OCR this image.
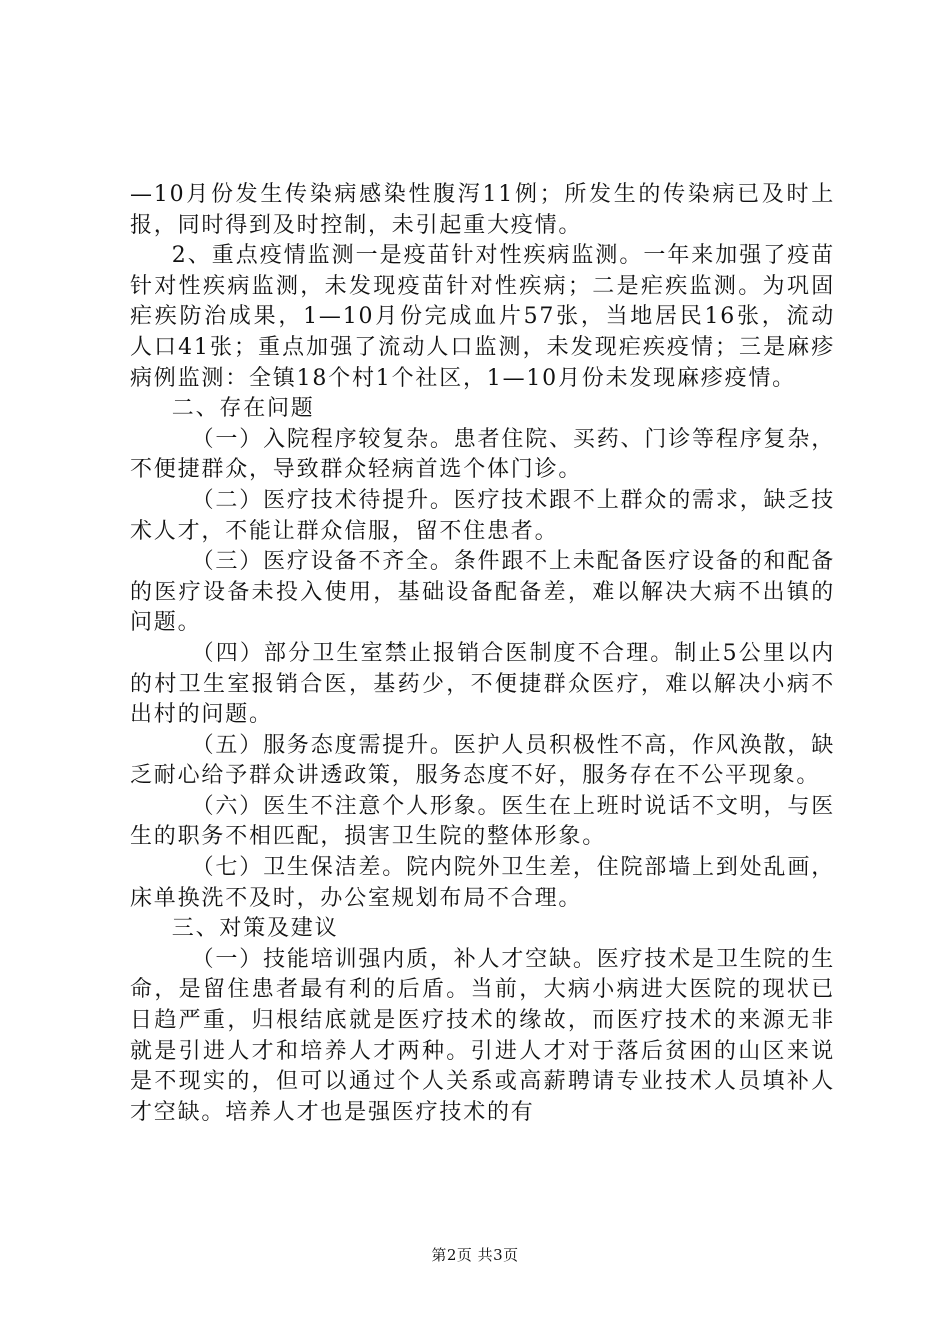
—10月份发生传染病感染性腹泻11例；所发生的传染病已及时上报，同时得到及时控制，未引起重大疫情。

2、重点疫情监测一是疫苗针对性疾病监测。一年来加强了疫苗针对性疾病监测，未发现疫苗针对性疾病；二是疟疾监测。为巩固疟疾防治成果，1—10月份完成血片57张，当地居民16张，流动人口41张；重点加强了流动人口监测，未发现疟疾疫情；三是麻疹病例监测：全镇18个村1个社区，1—10月份未发现麻疹疫情。

二、存在问题

（一）入院程序较复杂。患者住院、买药、门诊等程序复杂，不便捷群众，导致群众轻病首选个体门诊。

（二）医疗技术待提升。医疗技术跟不上群众的需求，缺乏技术人才，不能让群众信服，留不住患者。

（三）医疗设备不齐全。条件跟不上未配备医疗设备的和配备的医疗设备未投入使用，基础设备配备差，难以解决大病不出镇的问题。

（四）部分卫生室禁止报销合医制度不合理。制止5公里以内的村卫生室报销合医，基药少，不便捷群众医疗，难以解决小病不出村的问题。

（五）服务态度需提升。医护人员积极性不高，作风涣散，缺乏耐心给予群众讲透政策，服务态度不好，服务存在不公平现象。

（六）医生不注意个人形象。医生在上班时说话不文明，与医生的职务不相匹配，损害卫生院的整体形象。

（七）卫生保洁差。院内院外卫生差，住院部墙上到处乱画，床单换洗不及时，办公室规划布局不合理。

三、对策及建议

（一）技能培训强内质，补人才空缺。医疗技术是卫生院的生命，是留住患者最有利的后盾。当前，大病小病进大医院的现状已日趋严重，归根结底就是医疗技术的缘故，而医疗技术的来源无非就是引进人才和培养人才两种。引进人才对于落后贫困的山区来说是不现实的，但可以通过个人关系或高薪聘请专业技术人员填补人才空缺。培养人才也是强医疗技术的有

第2页 共3页
